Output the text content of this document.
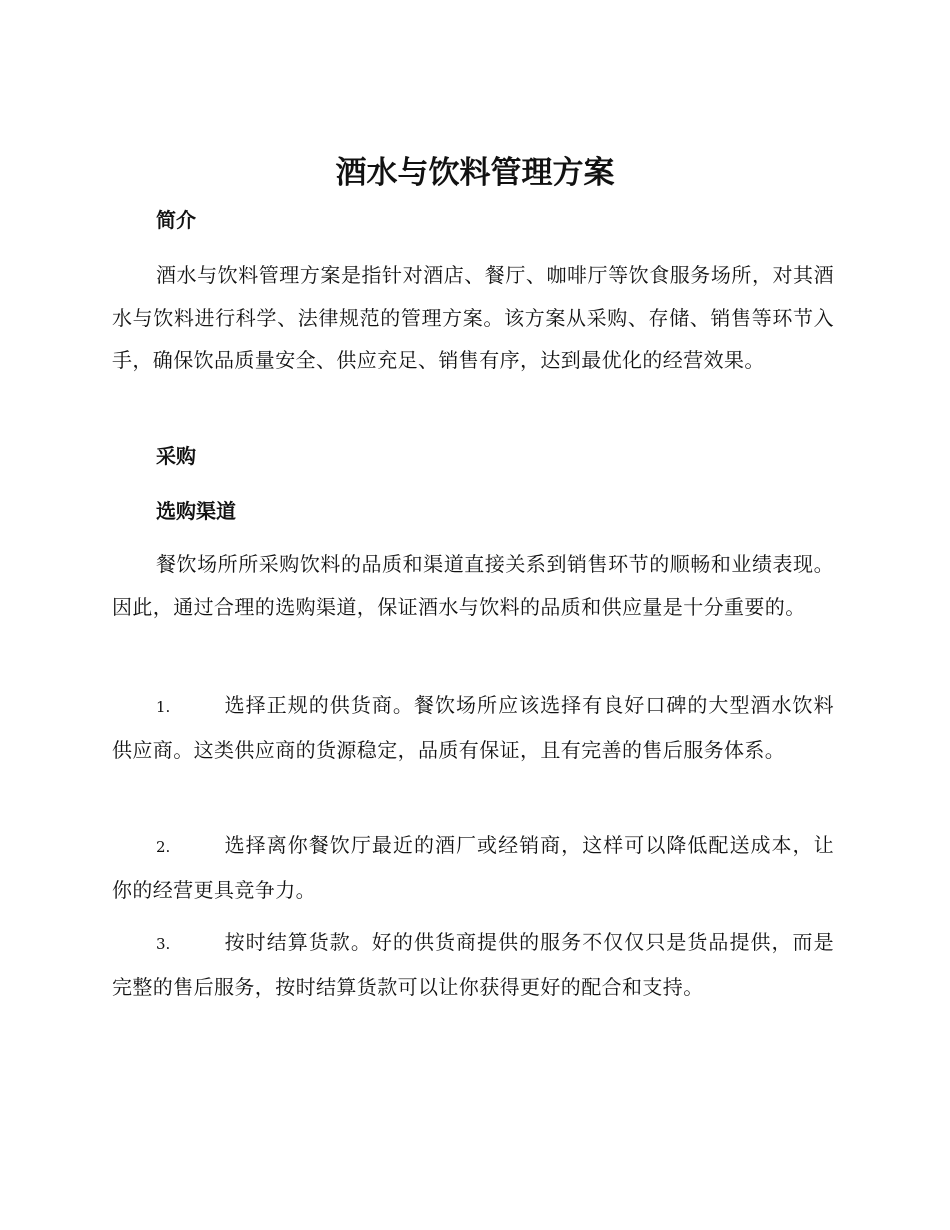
酒水与饮料管理方案
简介

酒水与饮料管理方案是指针对酒店、餐厅、咖啡厅等饮食服务场所，对其酒水与饮料进行科学、法律规范的管理方案。该方案从采购、存储、销售等环节入手，确保饮品质量安全、供应充足、销售有序，达到最优化的经营效果。

采购
选购渠道

餐饮场所所采购饮料的品质和渠道直接关系到销售环节的顺畅和业绩表现。因此，通过合理的选购渠道，保证酒水与饮料的品质和供应量是十分重要的。

1.	选择正规的供货商。餐饮场所应该选择有良好口碑的大型酒水饮料供应商。这类供应商的货源稳定，品质有保证，且有完善的售后服务体系。

2.	选择离你餐饮厅最近的酒厂或经销商，这样可以降低配送成本，让你的经营更具竞争力。

3.	按时结算货款。好的供货商提供的服务不仅仅只是货品提供，而是完整的售后服务，按时结算货款可以让你获得更好的配合和支持。
